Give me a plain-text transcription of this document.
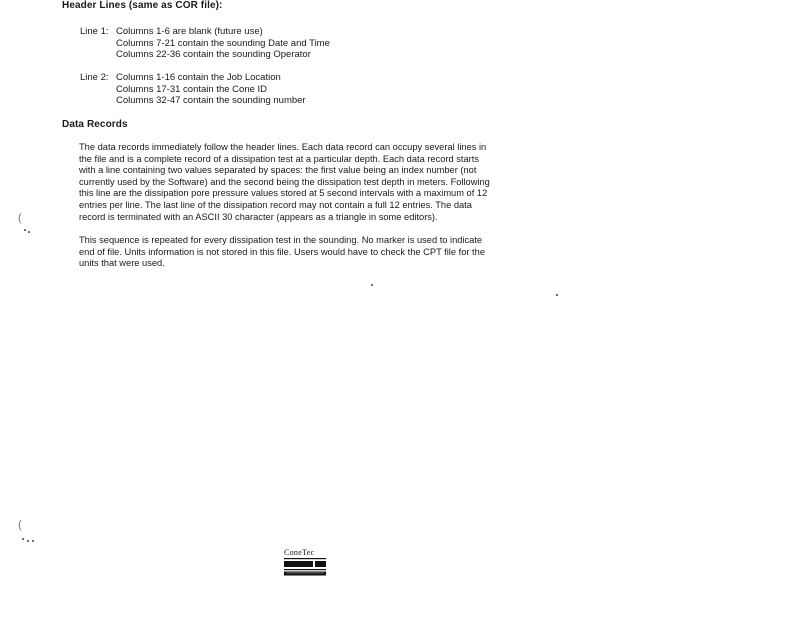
Header Lines (same as COR file):
Line 1: Columns 1-6 are blank (future use)
Columns 7-21 contain the sounding Date and Time
Columns 22-36 contain the sounding Operator
Line 2: Columns 1-16 contain the Job Location
Columns 17-31 contain the Cone ID
Columns 32-47 contain the sounding number
Data Records
The data records immediately follow the header lines. Each data record can occupy several lines in
the file and is a complete record of a dissipation test at a particular depth. Each data record starts
with a line containing two values separated by spaces: the first value being an index number (not
currently used by the Software) and the second being the dissipation test depth in meters. Following
this line are the dissipation pore pressure values stored at 5 second intervals with a maximum of 12
entries per line. The last line of the dissipation record may not contain a full 12 entries. The data
record is terminated with an ASCII 30 character (appears as a triangle in some editors).
This sequence is repeated for every dissipation test in the sounding. No marker is used to indicate
end of file. Units information is not stored in this file. Users would have to check the CPT file for the
units that were used.
(
(
ConeTec
